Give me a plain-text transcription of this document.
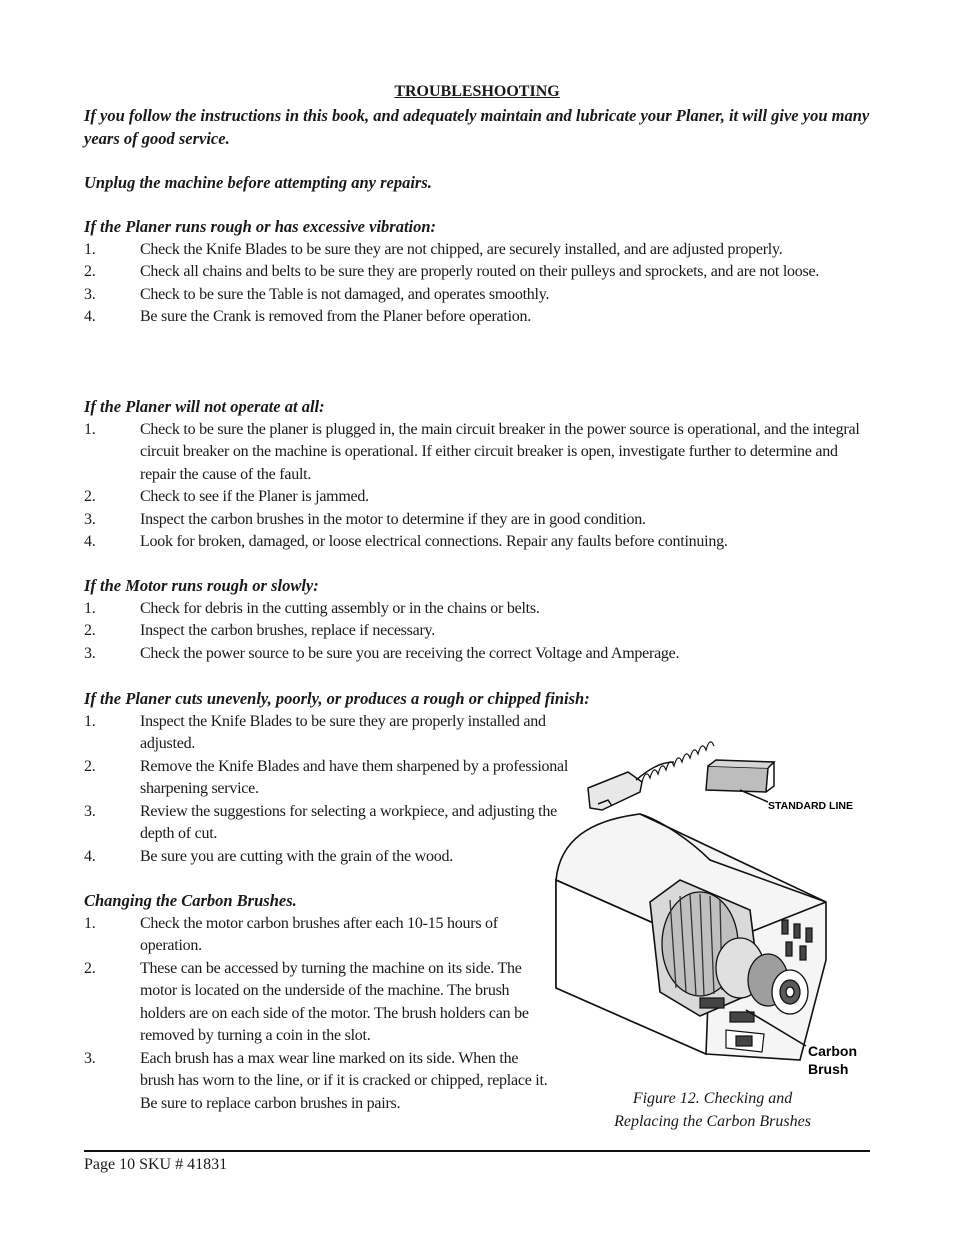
TROUBLESHOOTING
If you follow the instructions in this book, and adequately maintain and lubricate your Planer, it will give you many years of good service.
Unplug the machine before attempting any repairs.
If the Planer runs rough or has excessive vibration:
1.	Check the Knife Blades to be sure they are not chipped, are securely installed, and are adjusted properly.
2.	Check all chains and belts to be sure they are properly routed on their pulleys and sprockets, and are not loose.
3.	Check to be sure the Table is not damaged, and operates smoothly.
4.	Be sure the Crank is removed from the Planer before operation.
If the Planer will not operate at all:
1.	Check to be sure the planer is plugged in, the main circuit breaker in the power source is operational, and the integral circuit breaker on the machine is operational. If either circuit breaker is open, investigate further to determine and repair the cause of the fault.
2.	Check to see if the Planer is jammed.
3.	Inspect the carbon brushes in the motor to determine if they are in good condition.
4.	Look for broken, damaged, or loose electrical connections. Repair any faults before continuing.
If the Motor runs rough or slowly:
1.	Check for debris in the cutting assembly or in the chains or belts.
2.	Inspect the carbon brushes, replace if necessary.
3.	Check the power source to be sure you are receiving the correct Voltage and Amperage.
If the Planer cuts unevenly, poorly, or produces a rough or chipped finish:
1.	Inspect the Knife Blades to be sure they are properly installed and adjusted.
2.	Remove the Knife Blades and have them sharpened by a professional sharpening service.
3.	Review the suggestions for selecting a workpiece, and adjusting the depth of cut.
4.	Be sure you are cutting with the grain of the wood.
Changing the Carbon Brushes.
1.	Check the motor carbon brushes after each 10-15 hours of operation.
2.	These can be accessed by turning the machine on its side. The motor is located on the underside of the machine. The brush holders are on each side of the motor. The brush holders can be removed by turning a coin in the slot.
3.	Each brush has a max wear line marked on its side. When the brush has worn to the line, or if it is cracked or chipped, replace it. Be sure to replace carbon brushes in pairs.
STANDARD LINE
Carbon
Brush
Figure 12. Checking and
Replacing the Carbon Brushes
Page 10 SKU # 41831
